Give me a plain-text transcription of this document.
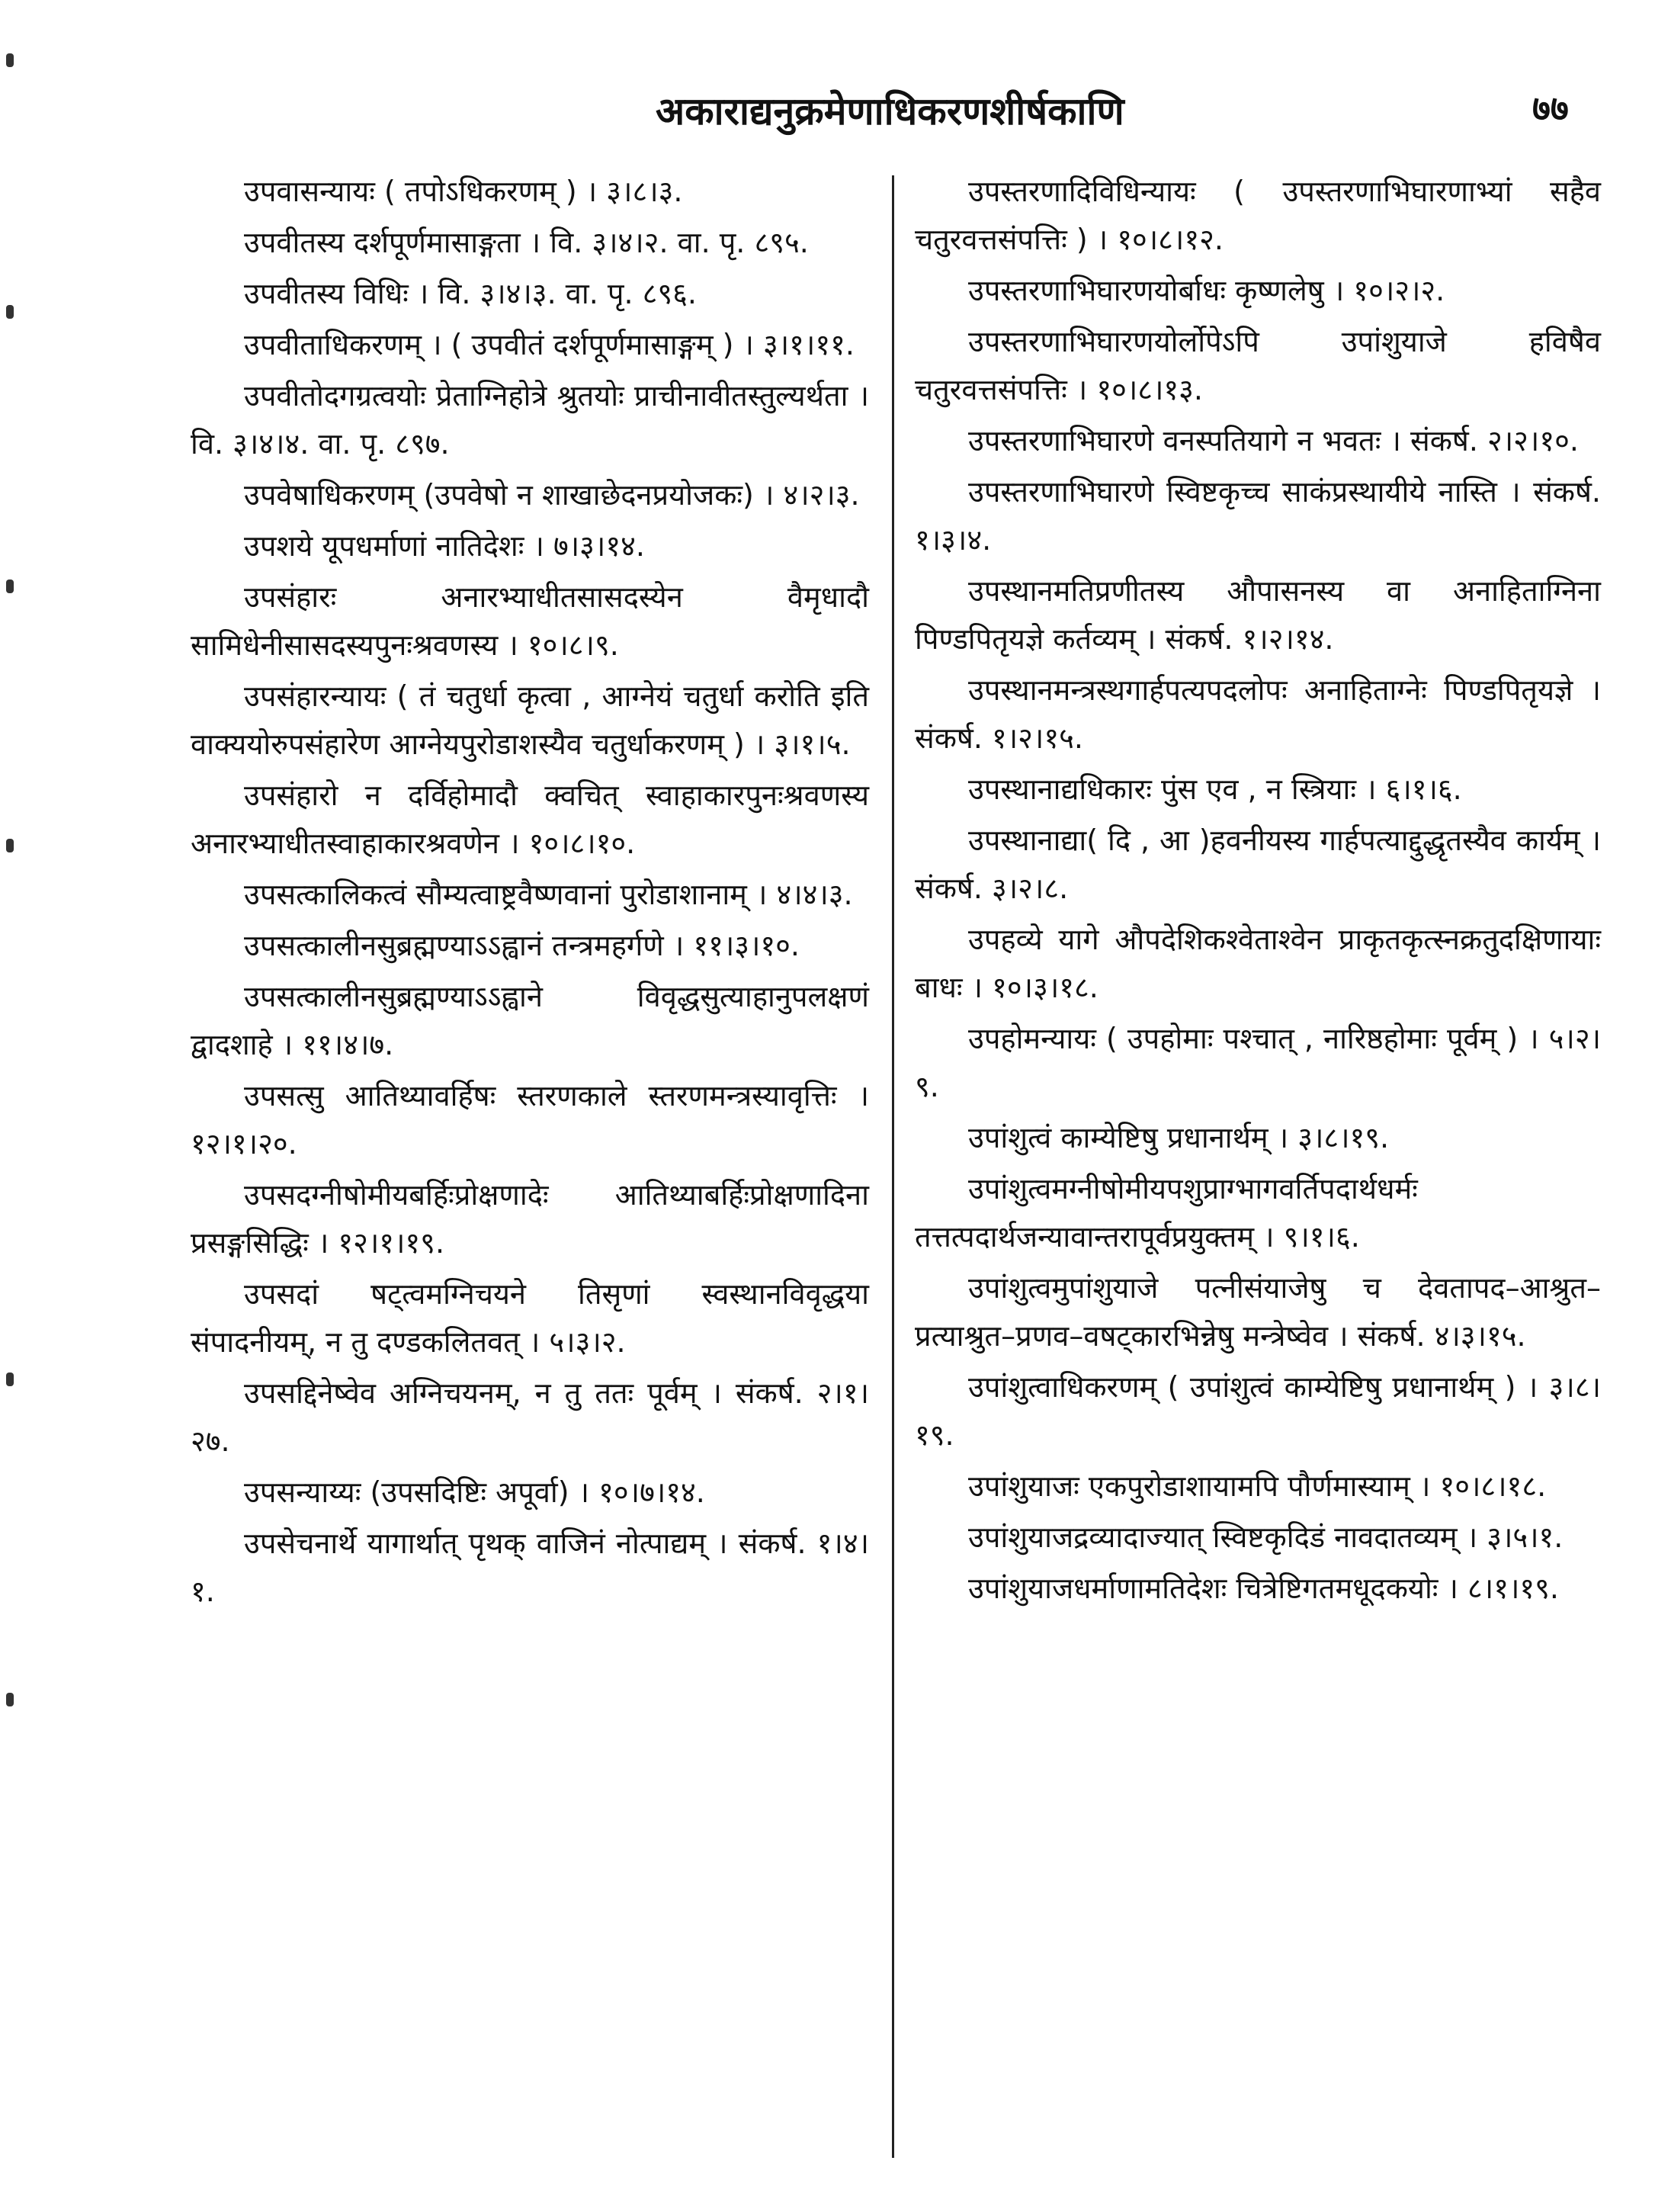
अकाराद्यनुक्रमेणाधिकरणशीर्षकाणि	७७

उपवासन्यायः ( तपोऽधिकरणम् ) । ३।८।३.

उपवीतस्य दर्शपूर्णमासाङ्गता । वि. ३।४।२. वा. पृ. ८९५.

उपवीतस्य विधिः । वि. ३।४।३. वा. पृ. ८९६.

उपवीताधिकरणम् । ( उपवीतं दर्शपूर्णमासाङ्गम् ) । ३।१।११.

उपवीतोदगग्रत्वयोः प्रेताग्निहोत्रे श्रुतयोः प्राचीनावीतस्तुल्यर्थता । वि. ३।४।४. वा. पृ. ८९७.

उपवेषाधिकरणम् (उपवेषो न शाखाछेदनप्रयोजकः) । ४।२।३.

उपशये यूपधर्माणां नातिदेशः । ७।३।१४.

उपसंहारः अनारभ्याधीतसासदस्येन वैमृधादौ सामिधेनीसासदस्यपुनःश्रवणस्य । १०।८।९.

उपसंहारन्यायः ( तं चतुर्धा कृत्वा , आग्नेयं चतुर्धा करोति इति वाक्ययोरुपसंहारेण आग्नेयपुरोडाशस्यैव चतुर्धाकरणम् ) । ३।१।५.

उपसंहारो न दर्विहोमादौ क्वचित् स्वाहाकारपुनःश्रवणस्य अनारभ्याधीतस्वाहाकारश्रवणेन । १०।८।१०.

उपसत्कालिकत्वं सौम्यत्वाष्ट्रवैष्णवानां पुरोडाशानाम् । ४।४।३.

उपसत्कालीनसुब्रह्मण्याऽऽह्वानं तन्त्रमहर्गणे । ११।३।१०.

उपसत्कालीनसुब्रह्मण्याऽऽह्वाने विवृद्धसुत्याहानुपलक्षणं द्वादशाहे । ११।४।७.

उपसत्सु आतिथ्यावर्हिषः स्तरणकाले स्तरणमन्त्रस्यावृत्तिः । १२।१।२०.

उपसदग्नीषोमीयबर्हिःप्रोक्षणादेः आतिथ्याबर्हिःप्रोक्षणादिना प्रसङ्गसिद्धिः । १२।१।१९.

उपसदां षट्त्वमग्निचयने तिसृणां स्वस्थानविवृद्धया संपादनीयम्, न तु दण्डकलितवत् । ५।३।२.

उपसद्दिनेष्वेव अग्निचयनम्, न तु ततः पूर्वम् । संकर्ष. २।१।२७.

उपसन्याय्यः (उपसदिष्टिः अपूर्वा) । १०।७।१४.

उपसेचनार्थे यागार्थात् पृथक् वाजिनं नोत्पाद्यम् । संकर्ष. १।४।१.

उपस्तरणादिविधिन्यायः ( उपस्तरणाभिघारणाभ्यां सहैव चतुरवत्तसंपत्तिः ) । १०।८।१२.

उपस्तरणाभिघारणयोर्बाधः कृष्णलेषु । १०।२।२.

उपस्तरणाभिघारणयोर्लोपेऽपि उपांशुयाजे हविषैव चतुरवत्तसंपत्तिः । १०।८।१३.

उपस्तरणाभिघारणे वनस्पतियागे न भवतः । संकर्ष. २।२।१०.

उपस्तरणाभिघारणे स्विष्टकृच्च साकंप्रस्थायीये नास्ति । संकर्ष. १।३।४.

उपस्थानमतिप्रणीतस्य औपासनस्य वा अनाहिताग्निना पिण्डपितृयज्ञे कर्तव्यम् । संकर्ष. १।२।१४.

उपस्थानमन्त्रस्थगार्हपत्यपदलोपः अनाहिताग्नेः पिण्डपितृयज्ञे । संकर्ष. १।२।१५.

उपस्थानाद्यधिकारः पुंस एव , न स्त्रियाः । ६।१।६.

उपस्थानाद्या( दि , आ )हवनीयस्य गार्हपत्याद्दुद्धृतस्यैव कार्यम् । संकर्ष. ३।२।८.

उपहव्ये यागे औपदेशिकश्वेताश्वेन प्राकृतकृत्स्नक्रतुदक्षिणायाः बाधः । १०।३।१८.

उपहोमन्यायः ( उपहोमाः पश्चात् , नारिष्ठहोमाः पूर्वम् ) । ५।२।९.

उपांशुत्वं काम्येष्टिषु प्रधानार्थम् । ३।८।१९.

उपांशुत्वमग्नीषोमीयपशुप्राग्भागवर्तिपदार्थधर्मः तत्तत्पदार्थजन्यावान्तरापूर्वप्रयुक्तम् । ९।१।६.

उपांशुत्वमुपांशुयाजे पत्नीसंयाजेषु च देवतापद–आश्रुत–प्रत्याश्रुत–प्रणव–वषट्कारभिन्नेषु मन्त्रेष्वेव । संकर्ष. ४।३।१५.

उपांशुत्वाधिकरणम् ( उपांशुत्वं काम्येष्टिषु प्रधानार्थम् ) । ३।८।१९.

उपांशुयाजः एकपुरोडाशायामपि पौर्णमास्याम् । १०।८।१८.

उपांशुयाजद्रव्यादाज्यात् स्विष्टकृदिडं नावदातव्यम् । ३।५।१.

उपांशुयाजधर्माणामतिदेशः चित्रेष्टिगतमधूदकयोः । ८।१।१९.
